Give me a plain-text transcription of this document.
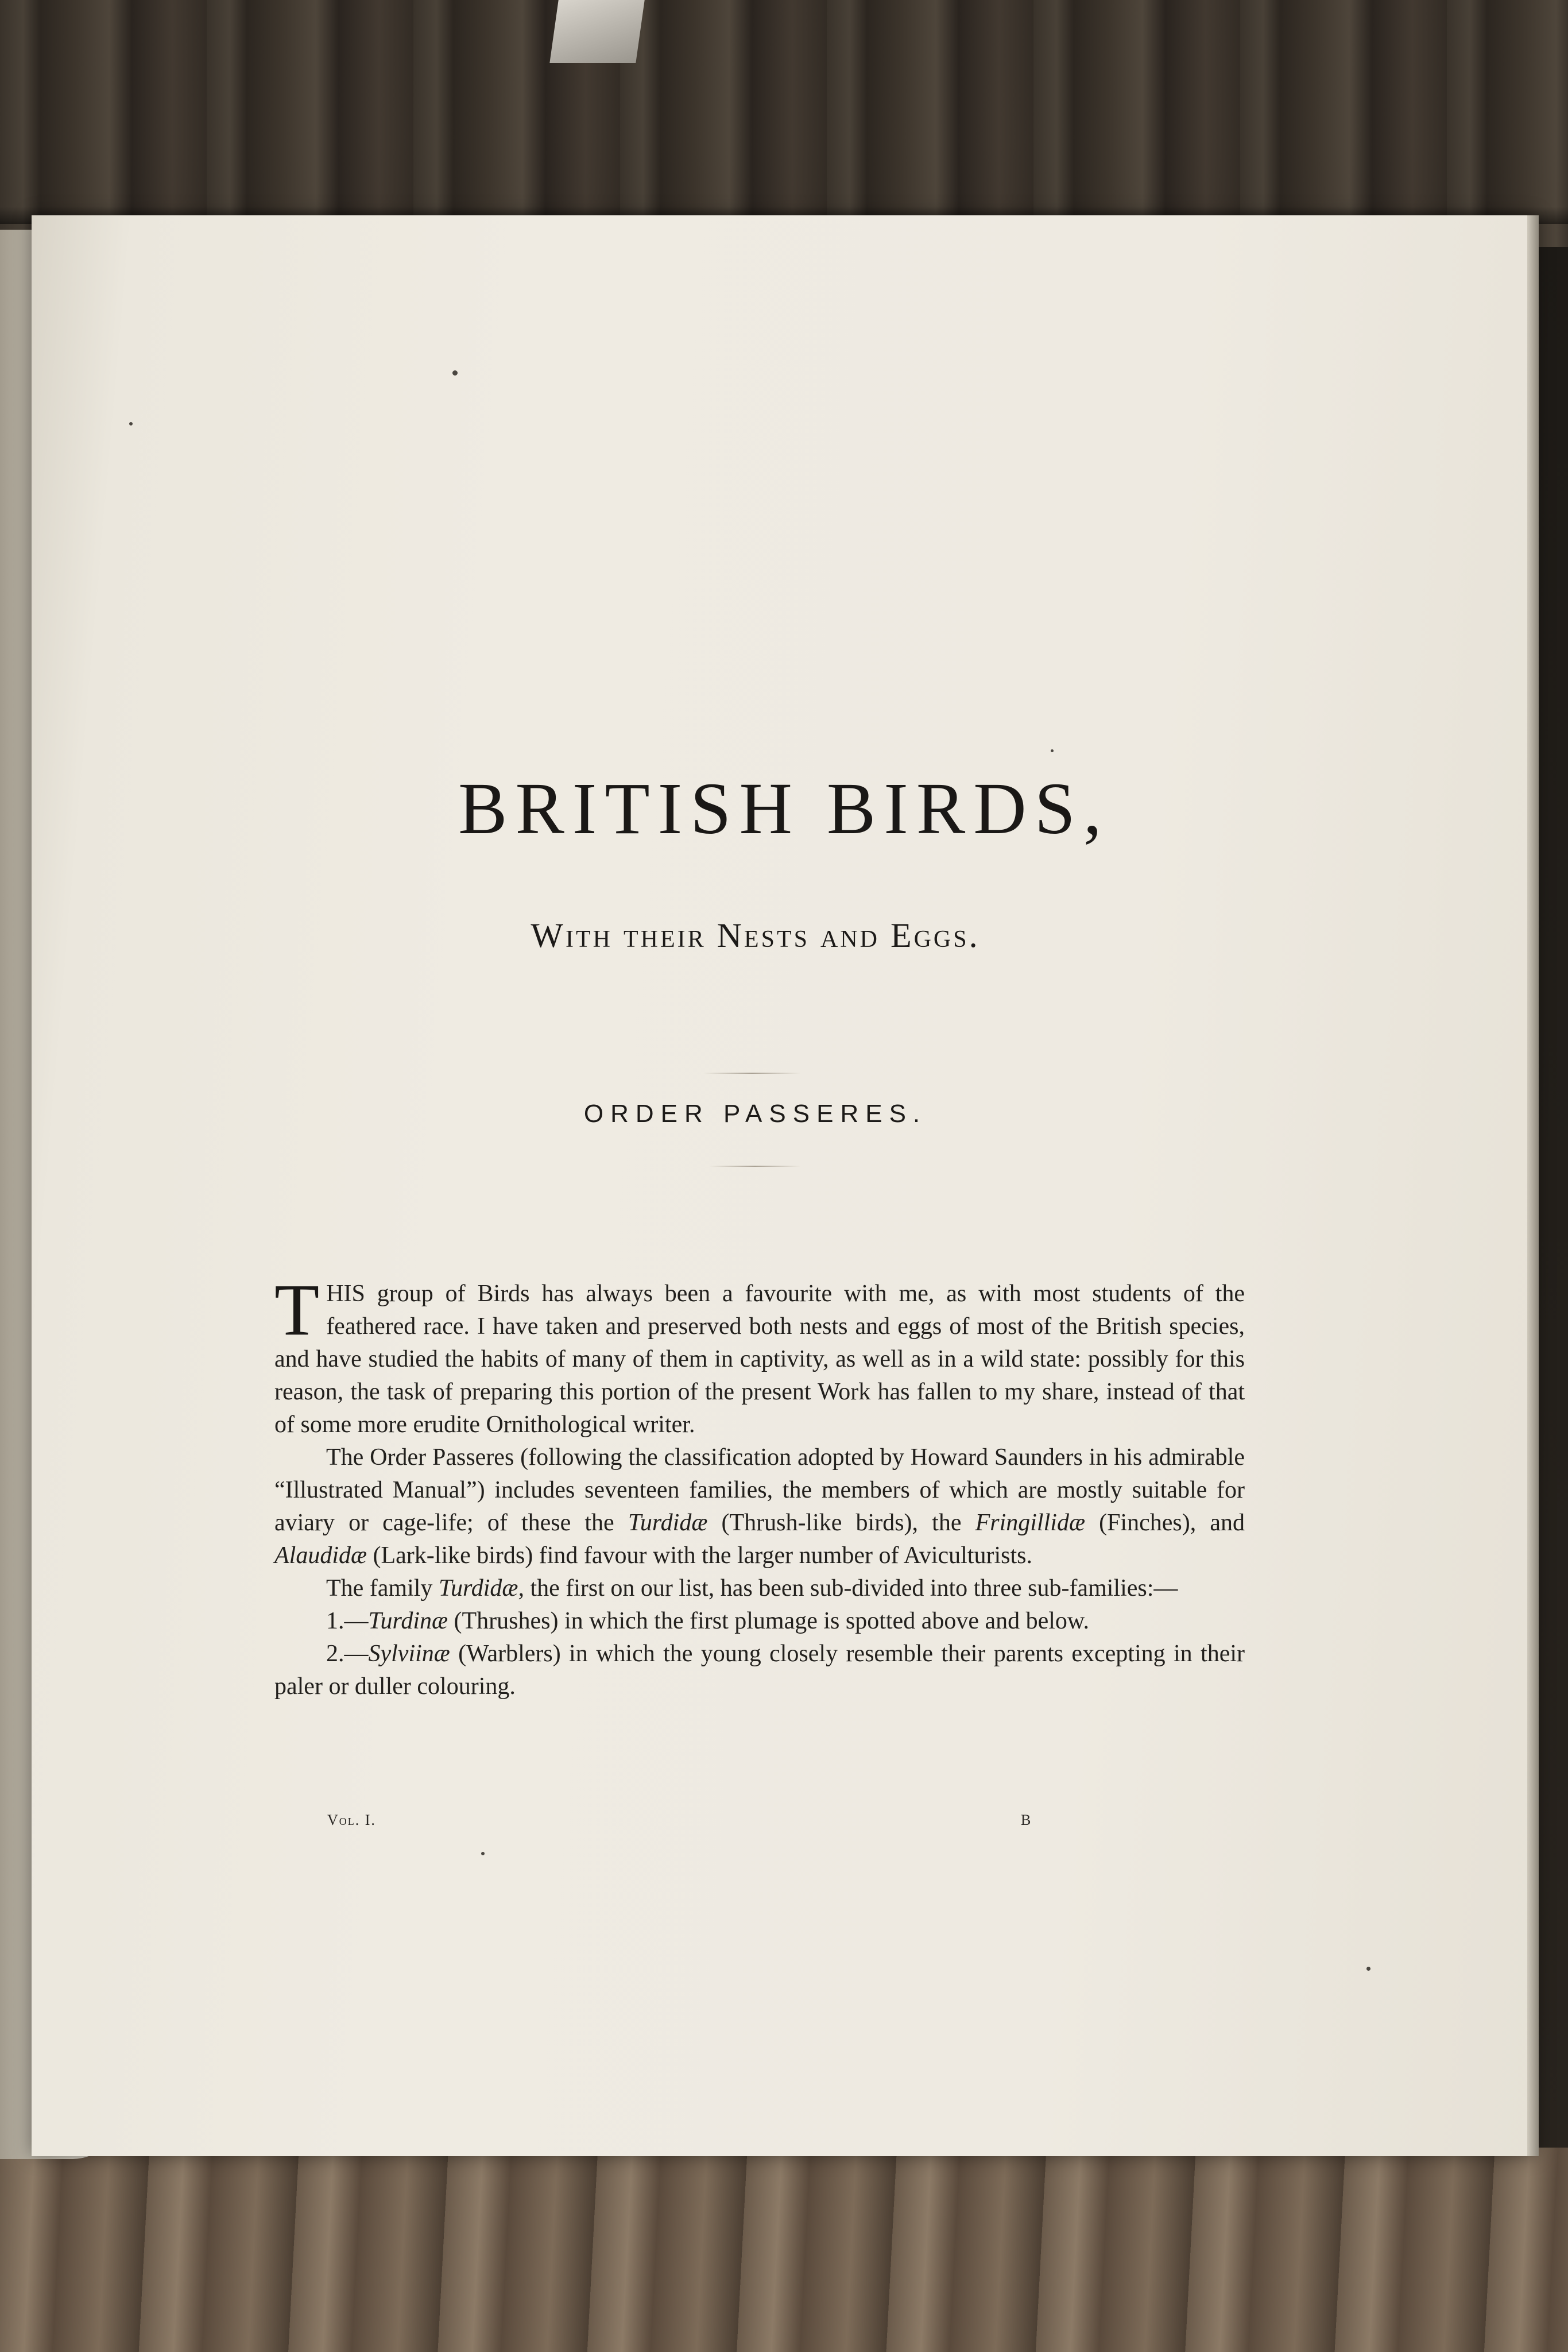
BRITISH BIRDS,
With their Nests and Eggs.
ORDER PASSERES.

THIS group of Birds has always been a favourite with me, as with most students of the feathered race. I have taken and preserved both nests and eggs of most of the British species, and have studied the habits of many of them in captivity, as well as in a wild state: possibly for this reason, the task of preparing this portion of the present Work has fallen to my share, instead of that of some more erudite Ornithological writer.

The Order Passeres (following the classification adopted by Howard Saunders in his admirable “Illustrated Manual”) includes seventeen families, the members of which are mostly suitable for aviary or cage-life; of these the Turdidæ (Thrush-like birds), the Fringillidæ (Finches), and Alaudidæ (Lark-like birds) find favour with the larger number of Aviculturists.

The family Turdidæ, the first on our list, has been sub-divided into three sub-families:—

1.—Turdinæ (Thrushes) in which the first plumage is spotted above and below.

2.—Sylviinæ (Warblers) in which the young closely resemble their parents excepting in their paler or duller colouring.

Vol. I.	B
